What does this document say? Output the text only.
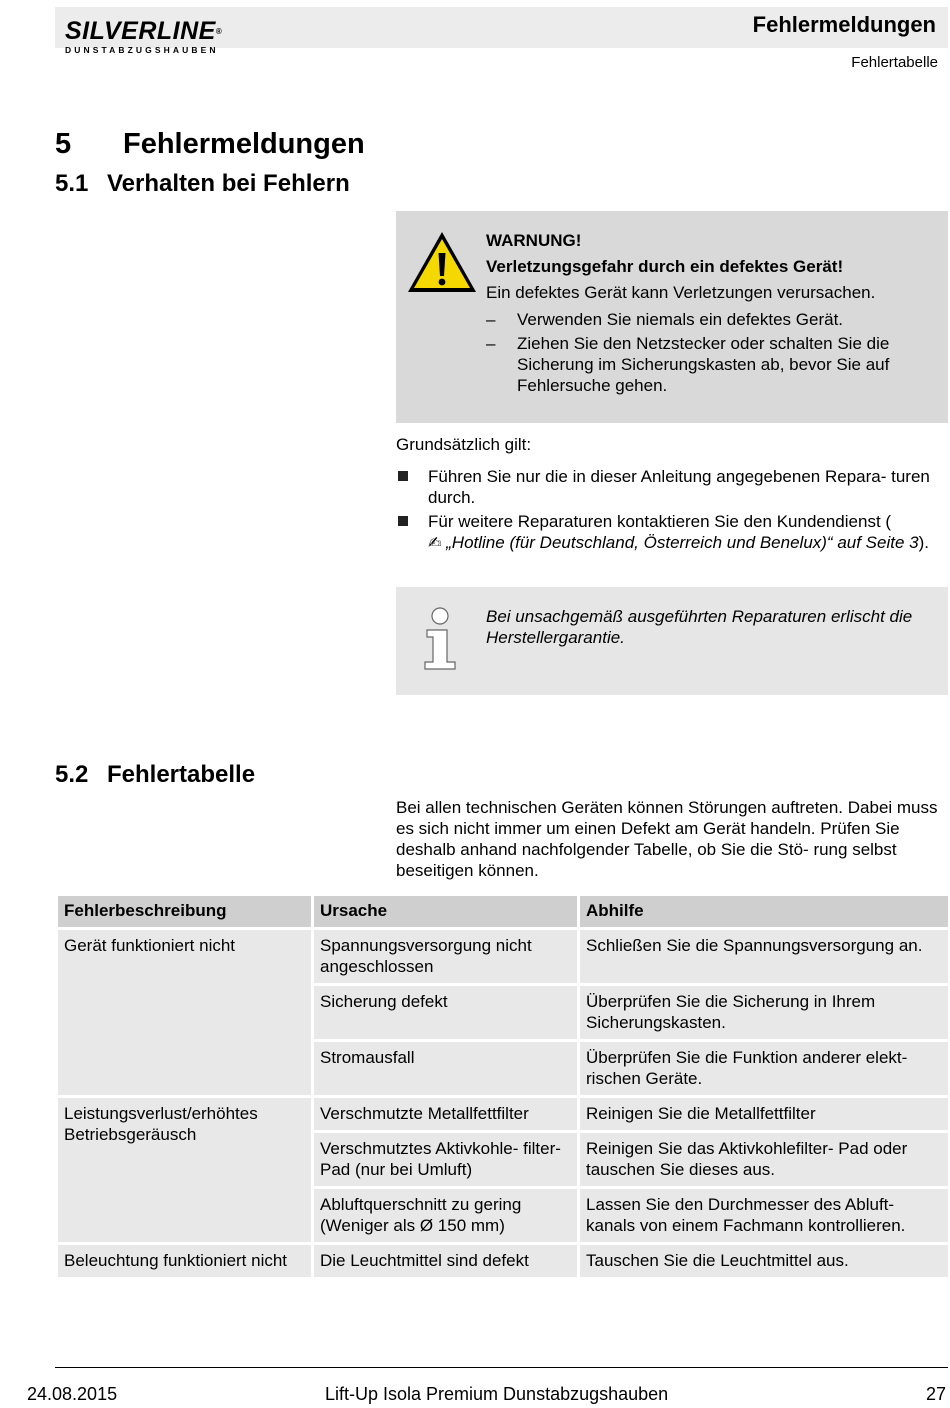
SILVERLINE®
DUNSTABZUGSHAUBEN
Fehlermeldungen
Fehlertabelle
5 Fehlermeldungen
5.1 Verhalten bei Fehlern

WARNUNG!

Verletzungsgefahr durch ein defektes Gerät!

Ein defektes Gerät kann Verletzungen verursachen.

– Verwenden Sie niemals ein defektes Gerät.
– Ziehen Sie den Netzstecker oder schalten Sie die Sicherung im Sicherungskasten ab, bevor Sie auf Fehlersuche gehen.
Grundsätzlich gilt:
Führen Sie nur die in dieser Anleitung angegebenen Repara- turen durch.
Für weitere Reparaturen kontaktieren Sie den Kundendienst (
✍ „Hotline (für Deutschland, Österreich und Benelux)“ auf Seite 3).
Bei unsachgemäß ausgeführten Reparaturen erlischt die Herstellergarantie.
5.2 Fehlertabelle
Bei allen technischen Geräten können Störungen auftreten. Dabei muss es sich nicht immer um einen Defekt am Gerät handeln. Prüfen Sie deshalb anhand nachfolgender Tabelle, ob Sie die Stö- rung selbst beseitigen können.
Fehlerbeschreibung	Ursache	Abhilfe
Gerät funktioniert nicht	Spannungsversorgung nicht angeschlossen	Schließen Sie die Spannungsversorgung an.
	Sicherung defekt	Überprüfen Sie die Sicherung in Ihrem Sicherungskasten.
	Stromausfall	Überprüfen Sie die Funktion anderer elekt- rischen Geräte.
Leistungsverlust/erhöhtes Betriebsgeräusch	Verschmutzte Metallfettfilter	Reinigen Sie die Metallfettfilter
	Verschmutztes Aktivkohle- filter- Pad (nur bei Umluft)	Reinigen Sie das Aktivkohlefilter- Pad oder tauschen Sie dieses aus.
	Abluftquerschnitt zu gering (Weniger als Ø 150 mm)	Lassen Sie den Durchmesser des Abluft- kanals von einem Fachmann kontrollieren.
Beleuchtung funktioniert nicht	Die Leuchtmittel sind defekt	Tauschen Sie die Leuchtmittel aus.
24.08.2015	Lift-Up Isola Premium Dunstabzugshauben	27
